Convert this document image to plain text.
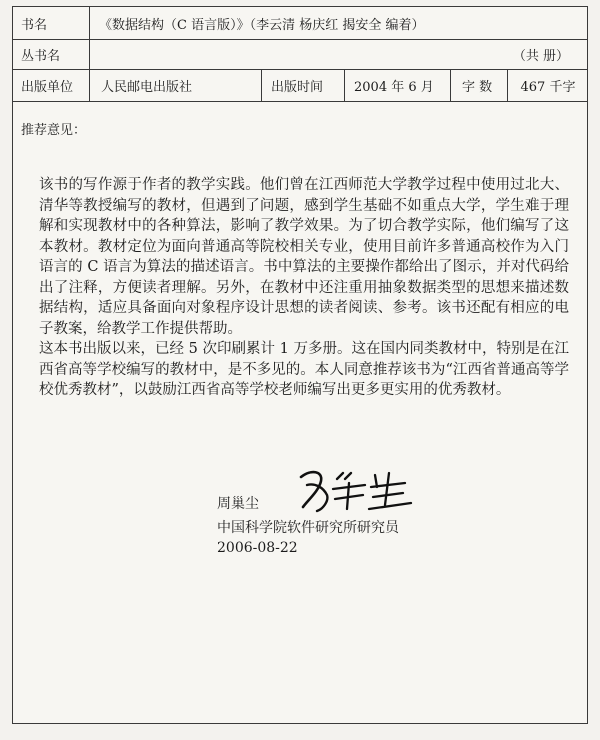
书名	《数据结构（C 语言版）》（李云清 杨庆红 揭安全 编着）
丛书名	（共 册）
出版单位	人民邮电出版社	出版时间	2004 年 6 月	字 数	467 千字
推荐意见：
该书的写作源于作者的教学实践。他们曾在江西师范大学教学过程中使用过北大、清华等教授编写的教材，但遇到了问题，感到学生基础不如重点大学，学生难于理解和实现教材中的各种算法，影响了教学效果。为了切合教学实际，他们编写了这本教材。教材定位为面向普通高等院校相关专业，使用目前许多普通高校作为入门语言的 C 语言为算法的描述语言。书中算法的主要操作都给出了图示，并对代码给出了注释，方便读者理解。另外，在教材中还注重用抽象数据类型的思想来描述数据结构，适应具备面向对象程序设计思想的读者阅读、参考。该书还配有相应的电子教案，给教学工作提供帮助。
这本书出版以来，已经 5 次印刷累计 1 万多册。这在国内同类教材中，特别是在江西省高等学校编写的教材中，是不多见的。本人同意推荐该书为“江西省普通高等学校优秀教材”，以鼓励江西省高等学校老师编写出更多更实用的优秀教材。
周巢尘
中国科学院软件研究所研究员
2006-08-22
